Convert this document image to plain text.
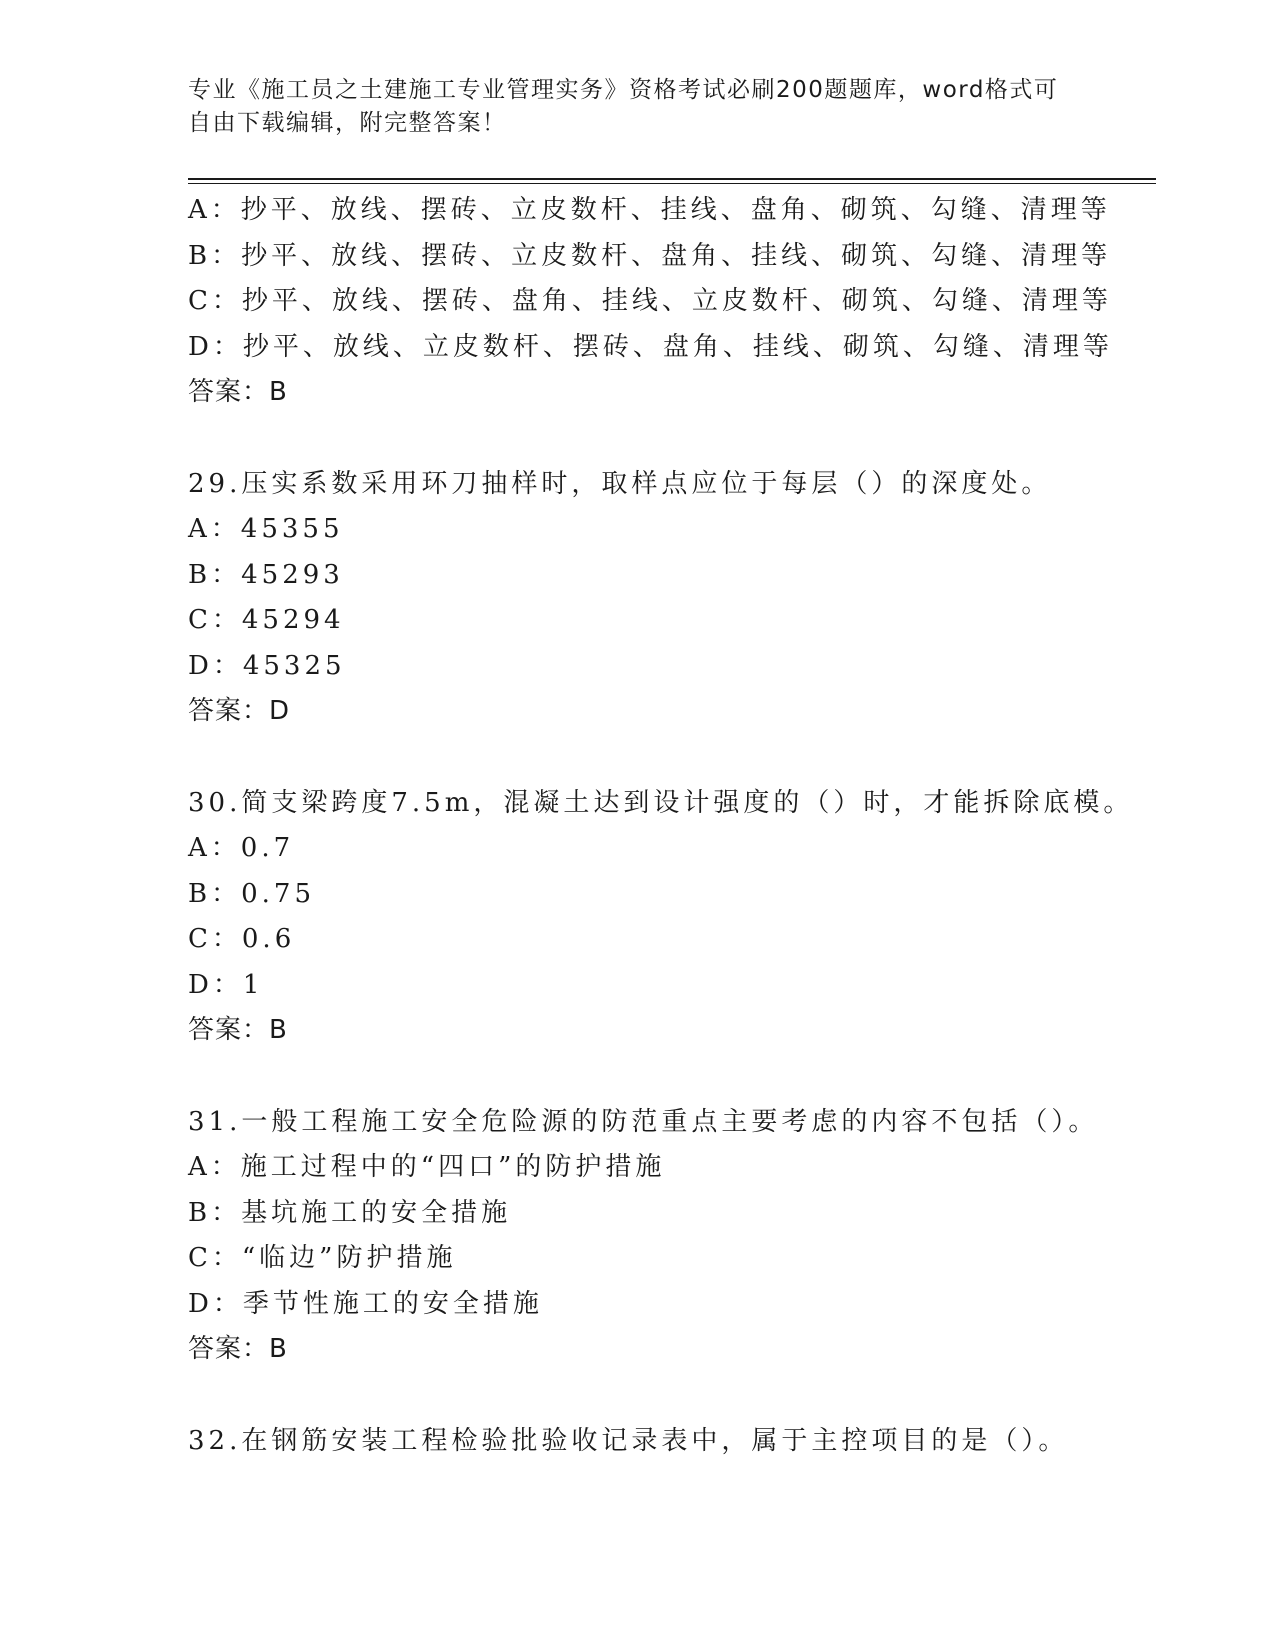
专业《施工员之土建施工专业管理实务》资格考试必刷200题题库，word格式可
自由下载编辑，附完整答案！
A：抄平、放线、摆砖、立皮数杆、挂线、盘角、砌筑、勾缝、清理等
B：抄平、放线、摆砖、立皮数杆、盘角、挂线、砌筑、勾缝、清理等
C：抄平、放线、摆砖、盘角、挂线、立皮数杆、砌筑、勾缝、清理等
D：抄平、放线、立皮数杆、摆砖、盘角、挂线、砌筑、勾缝、清理等
答案：B
29.压实系数采用环刀抽样时，取样点应位于每层（）的深度处。
A：45355
B：45293
C：45294
D：45325
答案：D
30.简支梁跨度7.5m，混凝土达到设计强度的（）时，才能拆除底模。
A：0.7
B：0.75
C：0.6
D：1
答案：B
31.一般工程施工安全危险源的防范重点主要考虑的内容不包括（）。
A：施工过程中的“四口”的防护措施
B：基坑施工的安全措施
C：“临边”防护措施
D：季节性施工的安全措施
答案：B
32.在钢筋安装工程检验批验收记录表中，属于主控项目的是（）。
